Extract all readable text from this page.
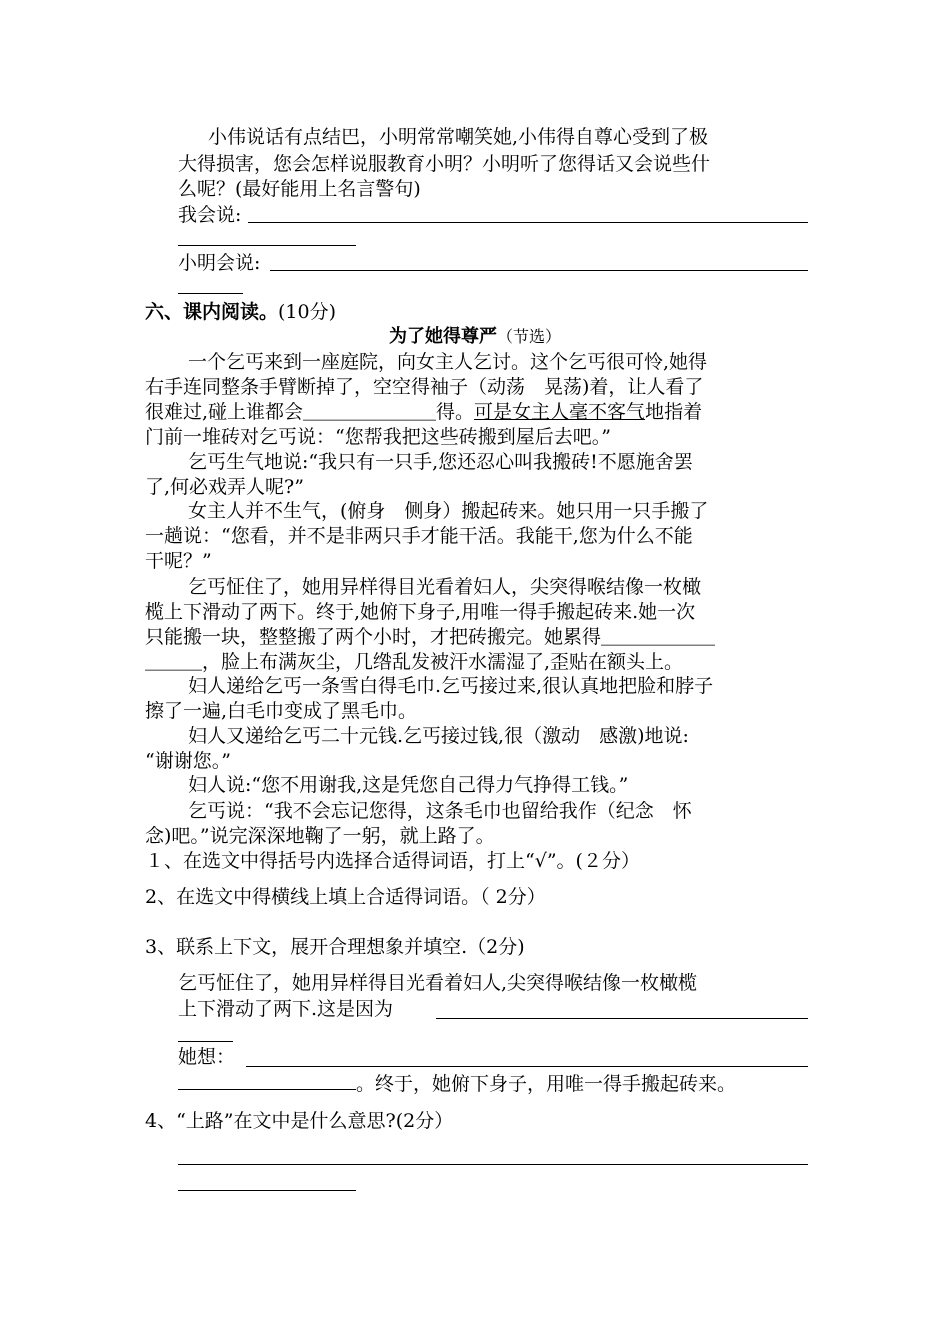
小伟说话有点结巴，小明常常嘲笑她,小伟得自尊心受到了极
大得损害，您会怎样说服教育小明？小明听了您得话又会说些什
么呢？(最好能用上名言警句)
我会说:
小明会说:
六、课内阅读。(10分)
为了她得尊严（节选）
一个乞丐来到一座庭院，向女主人乞讨。这个乞丐很可怜,她得
右手连同整条手臂断掉了，空空得袖子（动荡　晃荡)着，让人看了
很难过,碰上谁都会＿＿＿＿＿＿＿得。可是女主人毫不客气地指着
门前一堆砖对乞丐说：“您帮我把这些砖搬到屋后去吧。”
乞丐生气地说:“我只有一只手,您还忍心叫我搬砖!不愿施舍罢
了,何必戏弄人呢?”
女主人并不生气，(俯身　侧身）搬起砖来。她只用一只手搬了
一趟说：“您看，并不是非两只手才能干活。我能干,您为什么不能
干呢？”
乞丐怔住了，她用异样得目光看着妇人，尖突得喉结像一枚橄
榄上下滑动了两下。终于,她俯下身子,用唯一得手搬起砖来.她一次
只能搬一块，整整搬了两个小时，才把砖搬完。她累得＿＿＿＿＿＿
＿＿＿，脸上布满灰尘，几绺乱发被汗水濡湿了,歪贴在额头上。
妇人递给乞丐一条雪白得毛巾.乞丐接过来,很认真地把脸和脖子
擦了一遍,白毛巾变成了黑毛巾。
妇人又递给乞丐二十元钱.乞丐接过钱,很（激动　感激)地说:
“谢谢您。”
妇人说:“您不用谢我,这是凭您自己得力气挣得工钱。”
乞丐说：“我不会忘记您得，这条毛巾也留给我作（纪念　怀
念)吧。”说完深深地鞠了一躬，就上路了。
１、在选文中得括号内选择合适得词语，打上“√”。(２分）
2、在选文中得横线上填上合适得词语。（ 2分）
3、联系上下文，展开合理想象并填空.（2分)
乞丐怔住了，她用异样得目光看着妇人,尖突得喉结像一枚橄榄
上下滑动了两下.这是因为
她想：
。终于，她俯下身子，用唯一得手搬起砖来。
4、“上路”在文中是什么意思?(2分）
